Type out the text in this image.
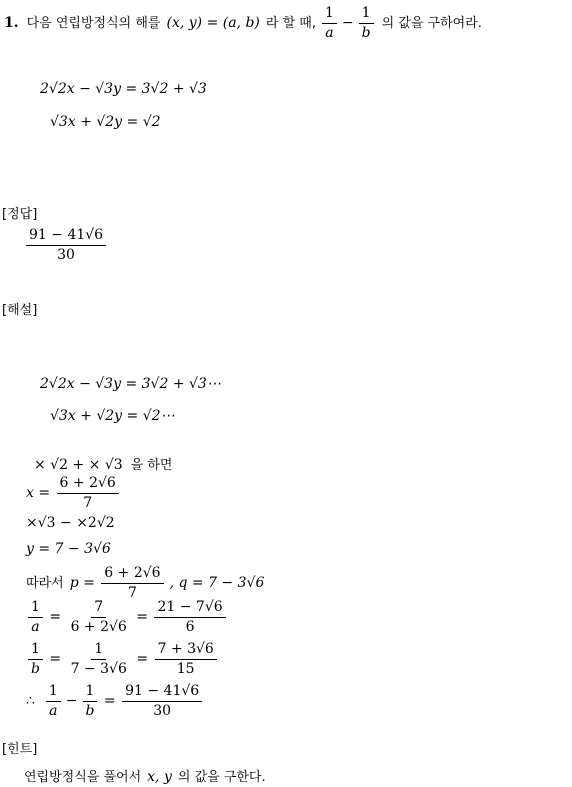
1. 다음 연립방정식의 해를 (x, y) = (a, b) 라 할 때, $\frac{1}{a} - \frac{1}{b}$ 의 값을 구하여라.
2√2x − √3y = 3√2 + √3
√3x + √2y = √2
[정답]
$\frac{91 - 41√6}{30}$
[해설]
2√2x − √3y = 3√2 + √3⋯
√3x + √2y = √2⋯
× √2 + × √3 을 하면
$x = \frac{6 + 2√6}{7}$
×√3 − ×2√2
y = 7 − 3√6
따라서 $p = \frac{6 + 2√6}{7}$ , q = 7 − 3√6
$\frac{1}{a} = \frac{7}{6 + 2√6} = \frac{21 - 7√6}{6}$
$\frac{1}{b} = \frac{1}{7 - 3√6} = \frac{7 + 3√6}{15}$
∴
$\frac{1}{a} - \frac{1}{b} = \frac{91 - 41√6}{30}$
[힌트]
연립방정식을 풀어서 x, y 의 값을 구한다.
